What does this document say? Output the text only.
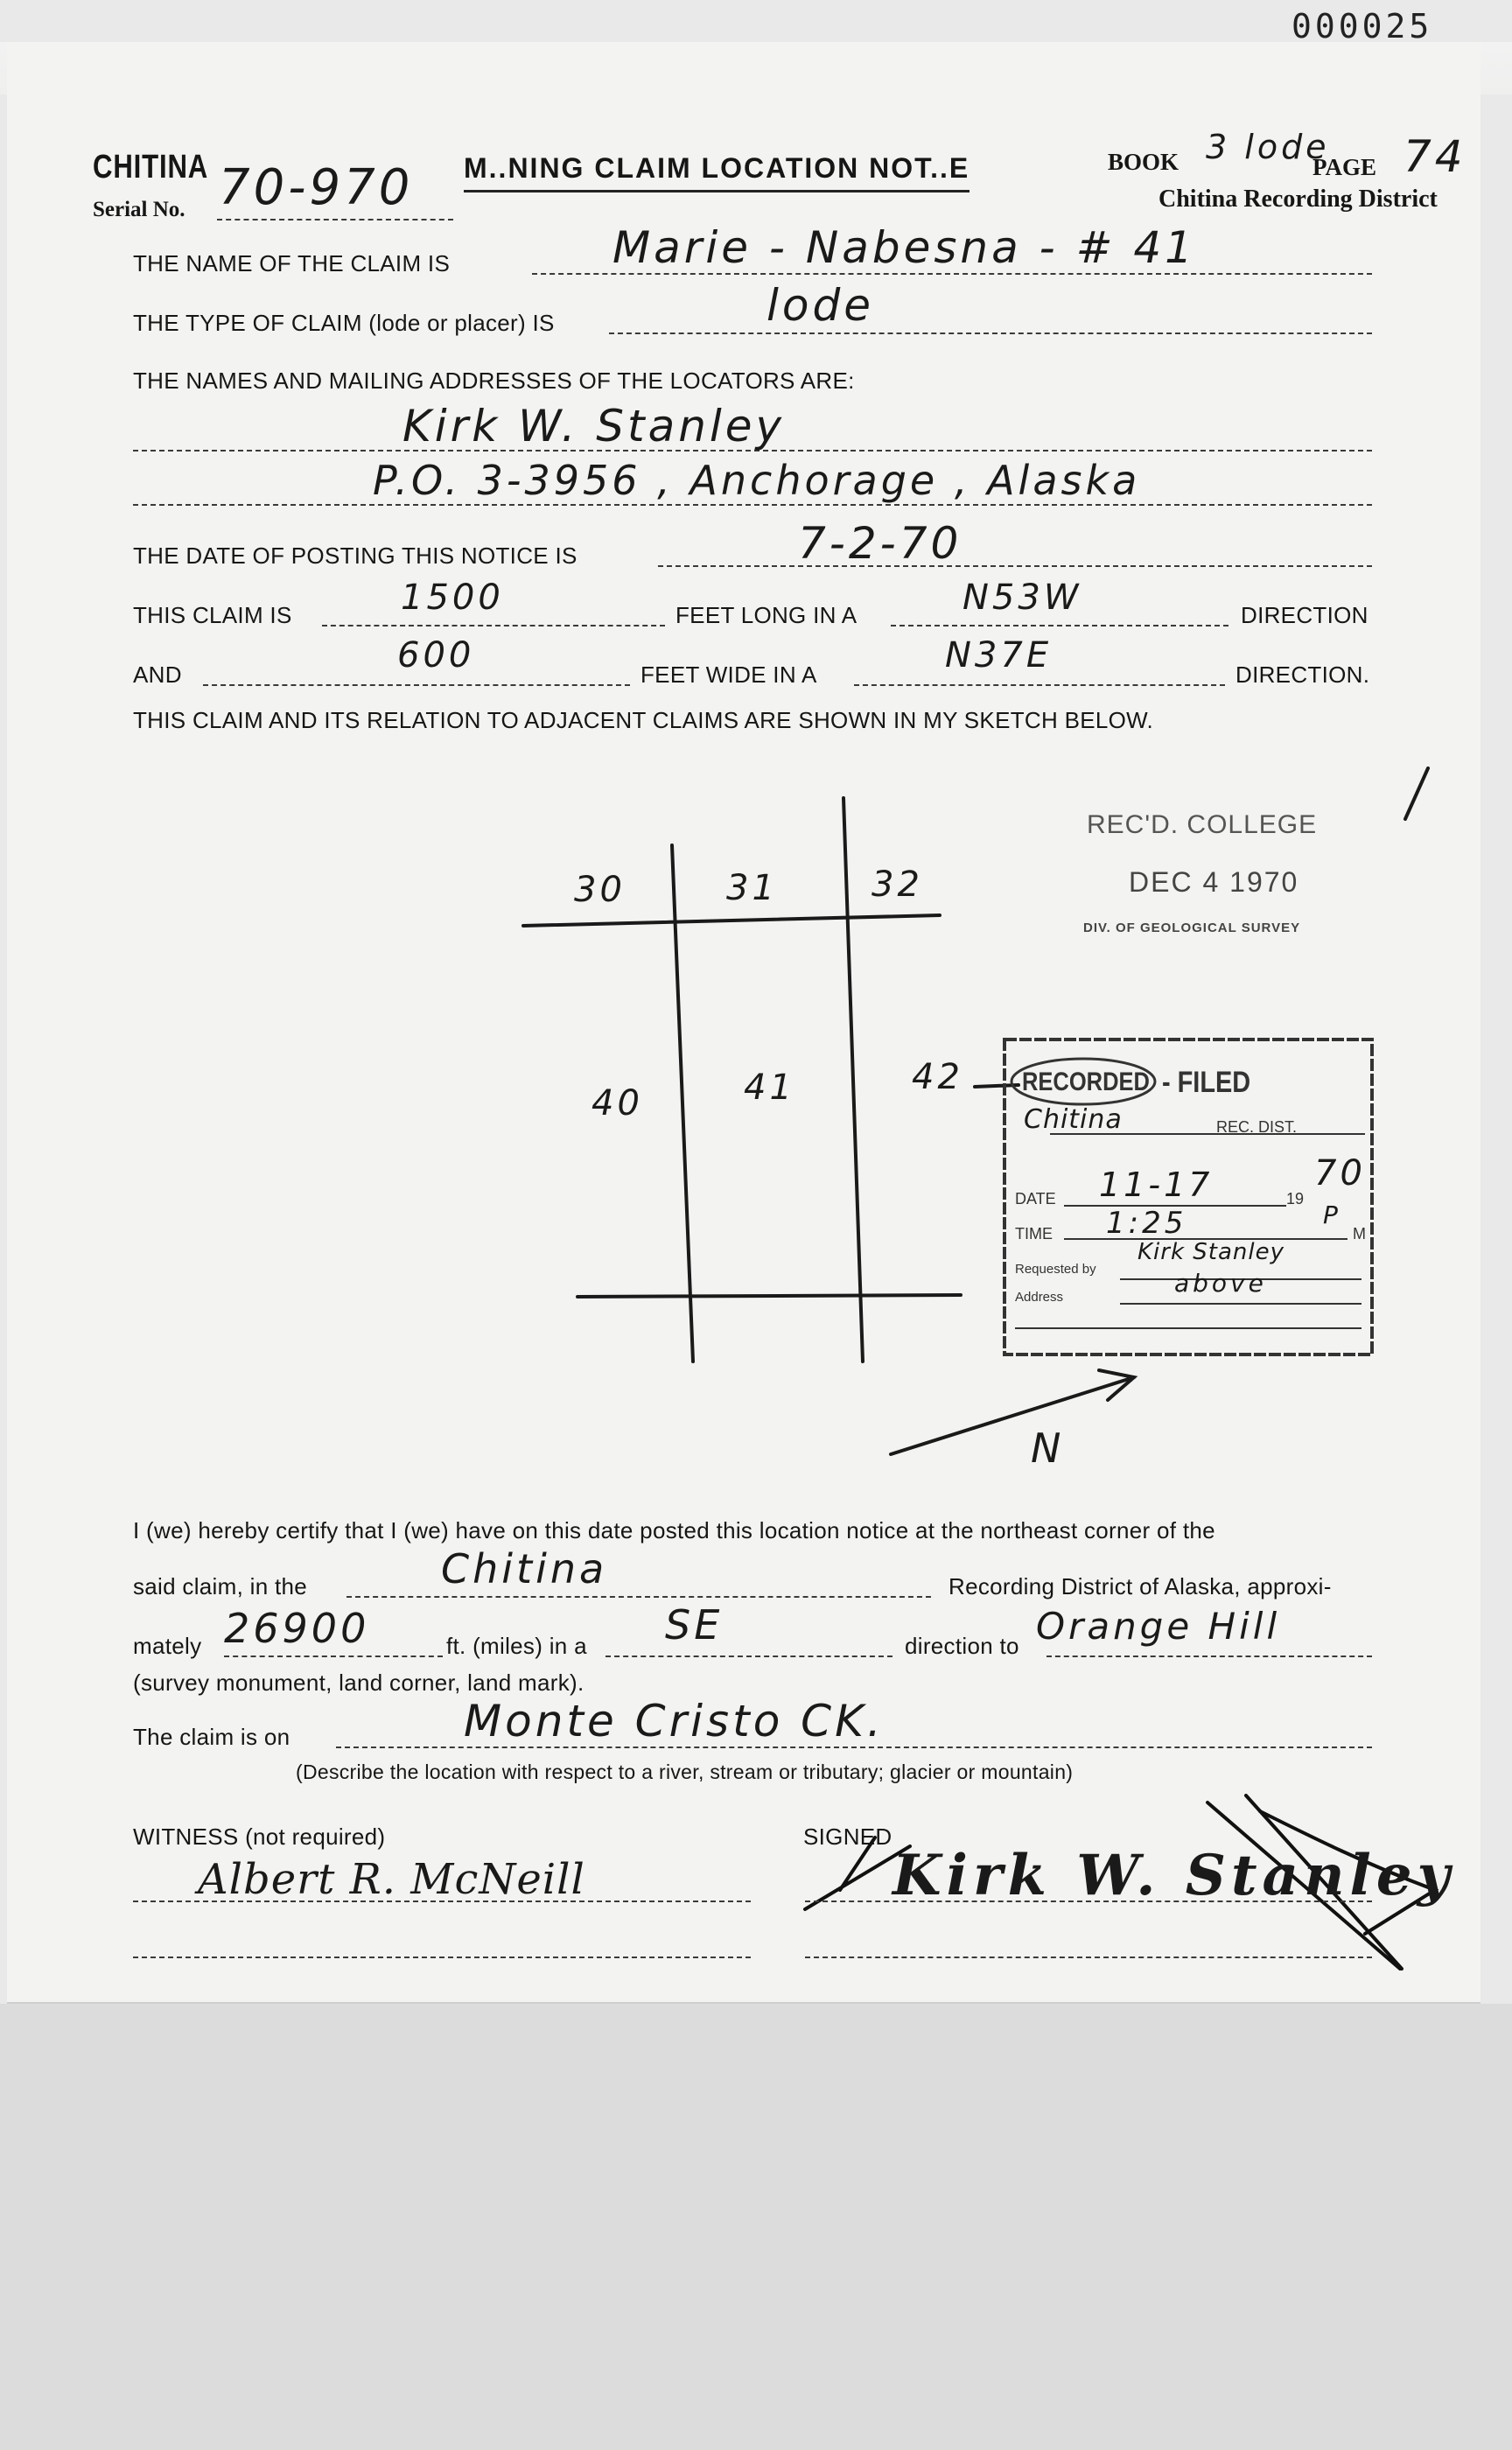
000025
CHITINA
Serial No. 70-970 M..NING CLAIM LOCATION NOT..E	BOOK 3 lode
PAGE 74
Chitina Recording District
THE NAME OF THE CLAIM IS	Marie - Nabesna - # 41
THE TYPE OF CLAIM (lode or placer) IS	lode
THE NAMES AND MAILING ADDRESSES OF THE LOCATORS ARE:
Kirk W. Stanley
P.O. 3-3956 , Anchorage , Alaska
THE DATE OF POSTING THIS NOTICE IS	7-2-70
THIS CLAIM IS	1500	FEET LONG IN A	N53W	DIRECTION
AND	600	FEET WIDE IN A	N37E	DIRECTION.
THIS CLAIM AND ITS RELATION TO ADJACENT CLAIMS ARE SHOWN IN MY SKETCH BELOW.
30	31	32
40	41	42
N
REC'D. COLLEGE
DEC 4 1970
DIV. OF GEOLOGICAL SURVEY
RECORDED - FILED
Chitina	REC. DIST.
DATE 11-17	19
70
TIME 1:25	P
M
Requested by
Kirk Stanley
Address	above
I (we) hereby certify that I (we) have on this date posted this location notice at the northeast corner of the
said claim, in the	Chitina	Recording District of Alaska, approxi-
mately 26900	ft. (miles) in a SE	direction to Orange Hill
(survey monument, land corner, land mark).
The claim is on	Monte Cristo CK.
(Describe the location with respect to a river, stream or tributary; glacier or mountain)
WITNESS (not required)
Albert R. McNeill
SIGNED
Kirk W. Stanley
